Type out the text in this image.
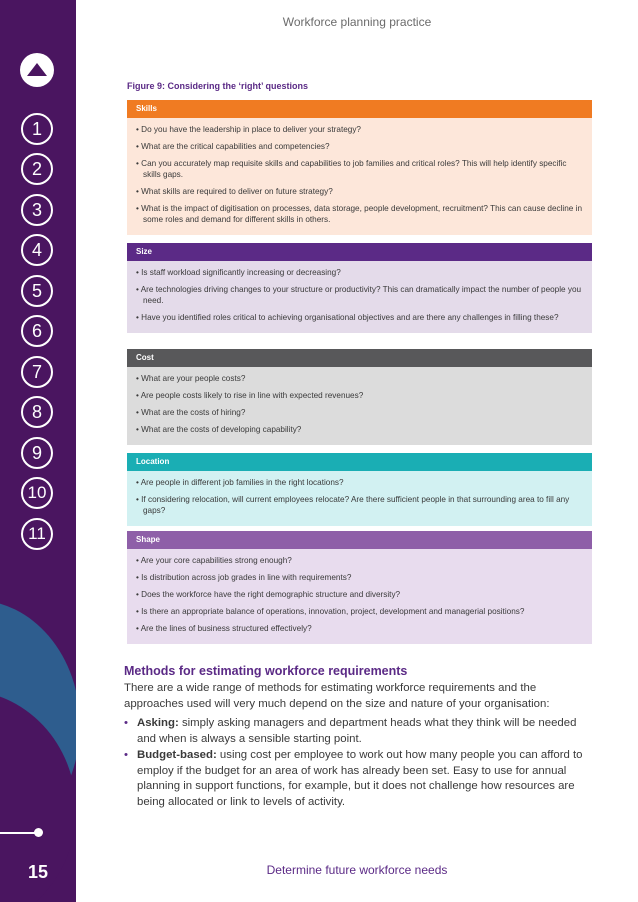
1
2
3
4
5
6
7
8
9
10
11
15
Workforce planning practice
Figure 9: Considering the ‘right’ questions
Skills
• Do you have the leadership in place to deliver your strategy?
• What are the critical capabilities and competencies?
• Can you accurately map requisite skills and capabilities to job families and critical roles? This will help identify specific skills gaps.
• What skills are required to deliver on future strategy?
• What is the impact of digitisation on processes, data storage, people development, recruitment? This can cause decline in some roles and demand for different skills in others.
Size
• Is staff workload significantly increasing or decreasing?
• Are technologies driving changes to your structure or productivity? This can dramatically impact the number of people you need.
• Have you identified roles critical to achieving organisational objectives and are there any challenges in filling these?
Cost
• What are your people costs?
• Are people costs likely to rise in line with expected revenues?
• What are the costs of hiring?
• What are the costs of developing capability?
Location
• Are people in different job families in the right locations?
• If considering relocation, will current employees relocate? Are there sufficient people in that surrounding area to fill any gaps?
Shape
• Are your core capabilities strong enough?
• Is distribution across job grades in line with requirements?
• Does the workforce have the right demographic structure and diversity?
• Is there an appropriate balance of operations, innovation, project, development and managerial positions?
• Are the lines of business structured effectively?
Methods for estimating workforce requirements
There are a wide range of methods for estimating workforce requirements and the approaches used will very much depend on the size and nature of your organisation:
• Asking: simply asking managers and department heads what they think will be needed and when is always a sensible starting point.
• Budget-based: using cost per employee to work out how many people you can afford to employ if the budget for an area of work has already been set. Easy to use for annual planning in support functions, for example, but it does not challenge how resources are being allocated or link to levels of activity.
Determine future workforce needs
